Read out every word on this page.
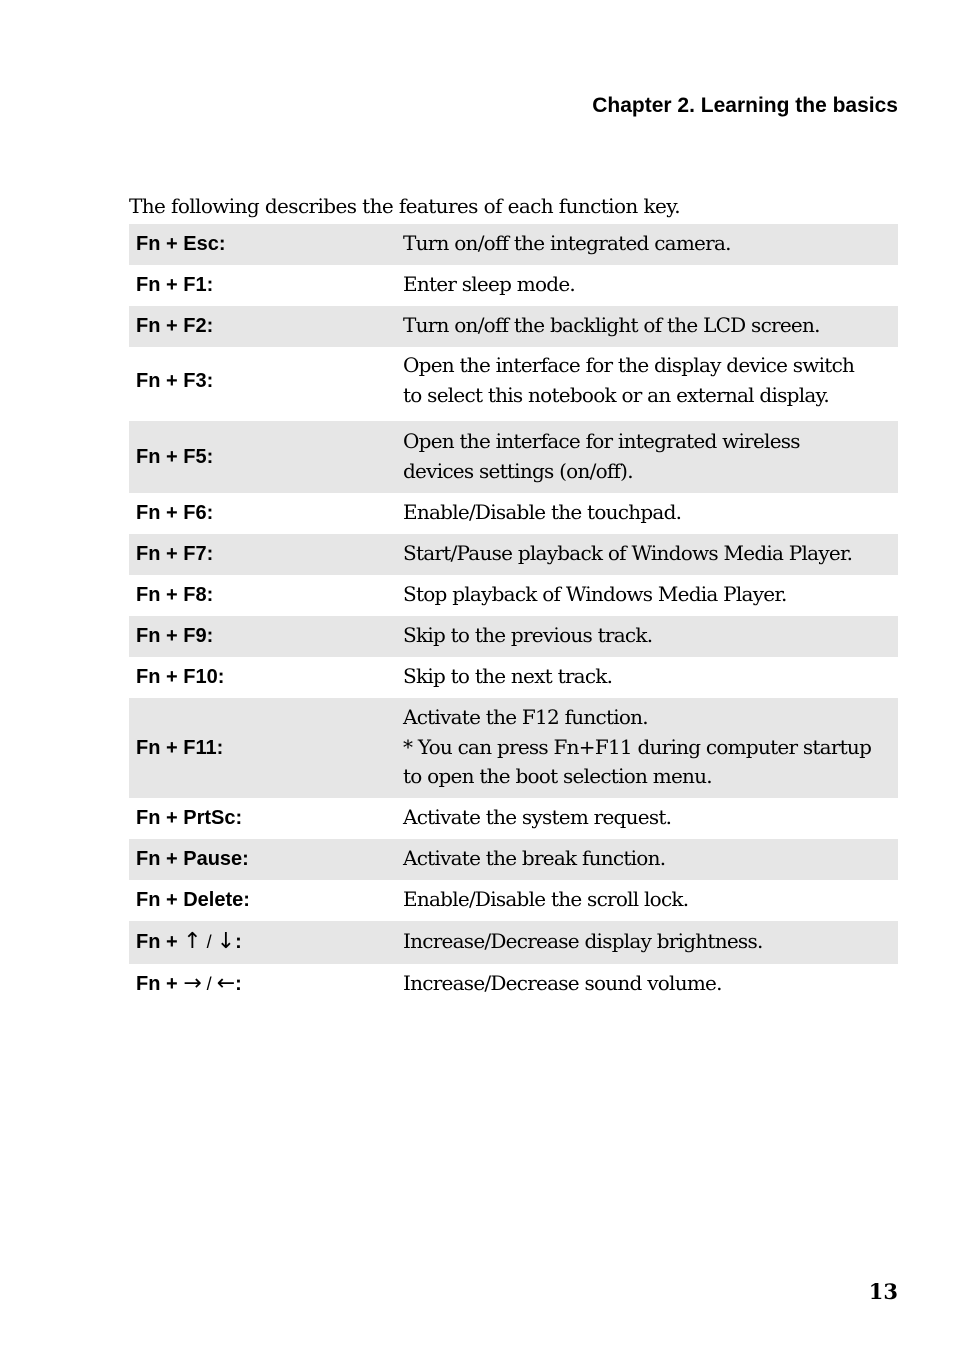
Chapter 2. Learning the basics
The following describes the features of each function key.
Fn + Esc:	Turn on/off the integrated camera.

Fn + F1:	Enter sleep mode.

Fn + F2:	Turn on/off the backlight of the LCD screen.

Fn + F3:	Open the interface for the display device switch
to select this notebook or an external display.

Fn + F5:	Open the interface for integrated wireless
devices settings (on/off).

Fn + F6:	Enable/Disable the touchpad.

Fn + F7:	Start/Pause playback of Windows Media Player.

Fn + F8:	Stop playback of Windows Media Player.

Fn + F9:	Skip to the previous track.

Fn + F10:	Skip to the next track.

Fn + F11:	Activate the F12 function.
* You can press Fn+F11 during computer startup
to open the boot selection menu.

Fn + PrtSc:	Activate the system request.

Fn + Pause:	Activate the break function.

Fn + Delete:	Enable/Disable the scroll lock.

Fn + ↑ / ↓:	Increase/Decrease display brightness.

Fn + → / ←:	Increase/Decrease sound volume.
13
